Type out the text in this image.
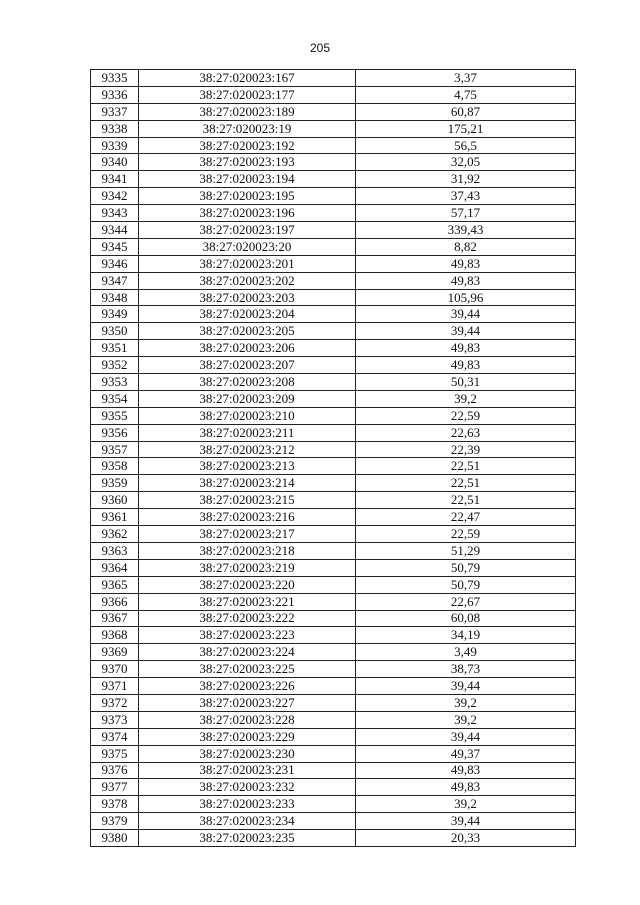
205
9335	38:27:020023:167	3,37
9336	38:27:020023:177	4,75
9337	38:27:020023:189	60,87
9338	38:27:020023:19	175,21
9339	38:27:020023:192	56,5
9340	38:27:020023:193	32,05
9341	38:27:020023:194	31,92
9342	38:27:020023:195	37,43
9343	38:27:020023:196	57,17
9344	38:27:020023:197	339,43
9345	38:27:020023:20	8,82
9346	38:27:020023:201	49,83
9347	38:27:020023:202	49,83
9348	38:27:020023:203	105,96
9349	38:27:020023:204	39,44
9350	38:27:020023:205	39,44
9351	38:27:020023:206	49,83
9352	38:27:020023:207	49,83
9353	38:27:020023:208	50,31
9354	38:27:020023:209	39,2
9355	38:27:020023:210	22,59
9356	38:27:020023:211	22,63
9357	38:27:020023:212	22,39
9358	38:27:020023:213	22,51
9359	38:27:020023:214	22,51
9360	38:27:020023:215	22,51
9361	38:27:020023:216	22,47
9362	38:27:020023:217	22,59
9363	38:27:020023:218	51,29
9364	38:27:020023:219	50,79
9365	38:27:020023:220	50,79
9366	38:27:020023:221	22,67
9367	38:27:020023:222	60,08
9368	38:27:020023:223	34,19
9369	38:27:020023:224	3,49
9370	38:27:020023:225	38,73
9371	38:27:020023:226	39,44
9372	38:27:020023:227	39,2
9373	38:27:020023:228	39,2
9374	38:27:020023:229	39,44
9375	38:27:020023:230	49,37
9376	38:27:020023:231	49,83
9377	38:27:020023:232	49,83
9378	38:27:020023:233	39,2
9379	38:27:020023:234	39,44
9380	38:27:020023:235	20,33
